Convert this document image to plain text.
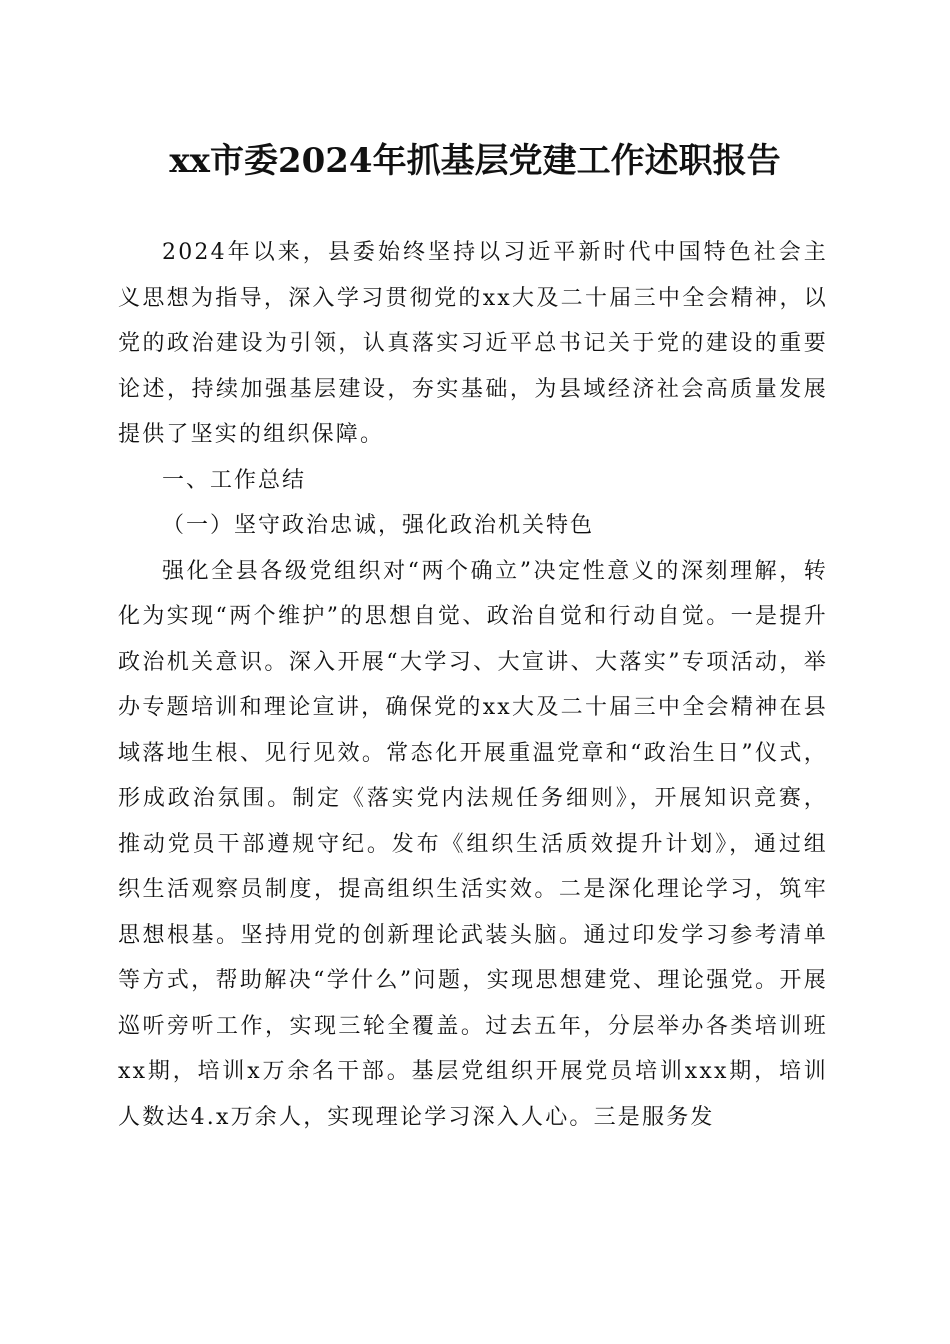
xx市委2024年抓基层党建工作述职报告

2024年以来，县委始终坚持以习近平新时代中国特色社会主义思想为指导，深入学习贯彻党的xx大及二十届三中全会精神，以党的政治建设为引领，认真落实习近平总书记关于党的建设的重要论述，持续加强基层建设，夯实基础，为县域经济社会高质量发展提供了坚实的组织保障。

一、工作总结

（一）坚守政治忠诚，强化政治机关特色

强化全县各级党组织对“两个确立”决定性意义的深刻理解，转化为实现“两个维护”的思想自觉、政治自觉和行动自觉。一是提升政治机关意识。深入开展“大学习、大宣讲、大落实”专项活动，举办专题培训和理论宣讲，确保党的xx大及二十届三中全会精神在县域落地生根、见行见效。常态化开展重温党章和“政治生日”仪式，形成政治氛围。制定《落实党内法规任务细则》，开展知识竞赛，推动党员干部遵规守纪。发布《组织生活质效提升计划》，通过组织生活观察员制度，提高组织生活实效。二是深化理论学习，筑牢思想根基。坚持用党的创新理论武装头脑。通过印发学习参考清单等方式，帮助解决“学什么”问题，实现思想建党、理论强党。开展巡听旁听工作，实现三轮全覆盖。过去五年，分层举办各类培训班xx期，培训x万余名干部。基层党组织开展党员培训xxx期，培训人数达4.x万余人，实现理论学习深入人心。三是服务发
